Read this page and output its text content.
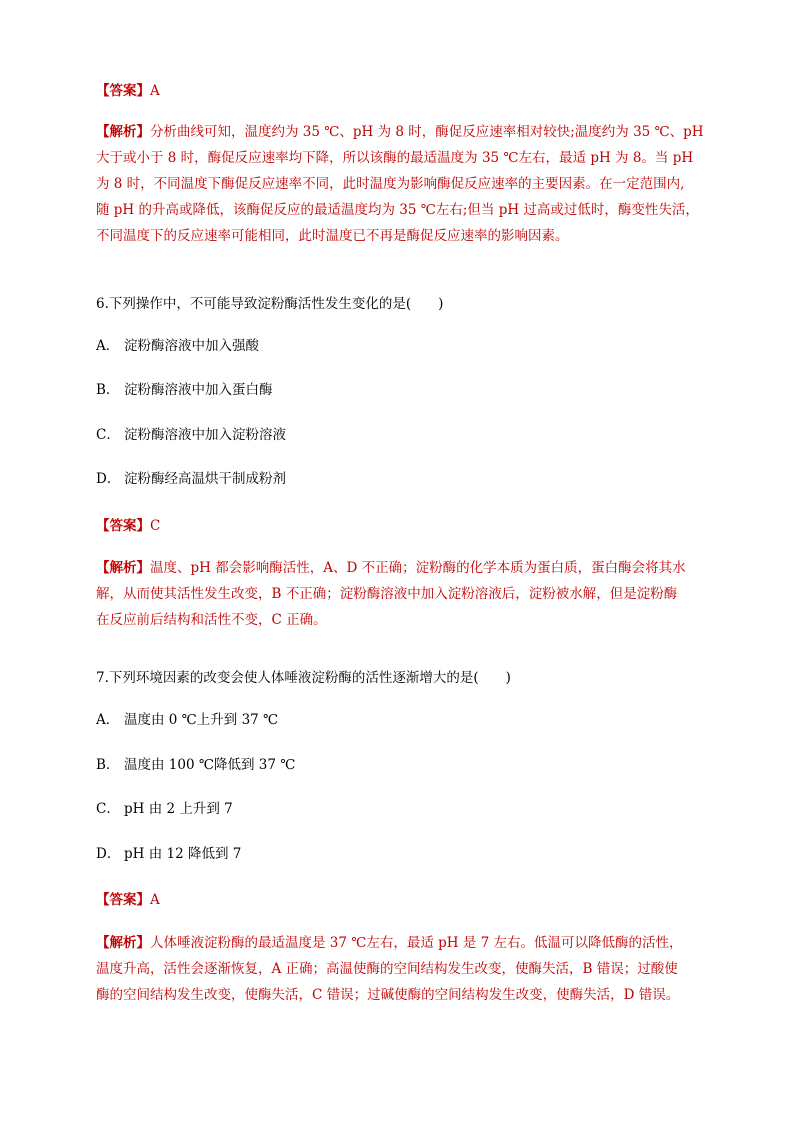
【答案】A
【解析】分析曲线可知，温度约为 35 ℃、pH 为 8 时，酶促反应速率相对较快;温度约为 35 ℃、pH
大于或小于 8 时，酶促反应速率均下降，所以该酶的最适温度为 35 ℃左右，最适 pH 为 8。当 pH
为 8 时，不同温度下酶促反应速率不同，此时温度为影响酶促反应速率的主要因素。在一定范围内,
随 pH 的升高或降低，该酶促反应的最适温度均为 35 ℃左右;但当 pH 过高或过低时，酶变性失活，
不同温度下的反应速率可能相同，此时温度已不再是酶促反应速率的影响因素。
6.下列操作中，不可能导致淀粉酶活性发生变化的是(　　)
A． 淀粉酶溶液中加入强酸
B． 淀粉酶溶液中加入蛋白酶
C． 淀粉酶溶液中加入淀粉溶液
D． 淀粉酶经高温烘干制成粉剂
【答案】C
【解析】温度、pH 都会影响酶活性，A、D 不正确；淀粉酶的化学本质为蛋白质，蛋白酶会将其水
解，从而使其活性发生改变，B 不正确；淀粉酶溶液中加入淀粉溶液后，淀粉被水解，但是淀粉酶
在反应前后结构和活性不变，C 正确。
7.下列环境因素的改变会使人体唾液淀粉酶的活性逐渐增大的是(　　)
A． 温度由 0 ℃上升到 37 ℃
B． 温度由 100 ℃降低到 37 ℃
C． pH 由 2 上升到 7
D． pH 由 12 降低到 7
【答案】A
【解析】人体唾液淀粉酶的最适温度是 37 ℃左右，最适 pH 是 7 左右。低温可以降低酶的活性，
温度升高，活性会逐渐恢复，A 正确；高温使酶的空间结构发生改变，使酶失活，B 错误；过酸使
酶的空间结构发生改变，使酶失活，C 错误；过碱使酶的空间结构发生改变，使酶失活，D 错误。
